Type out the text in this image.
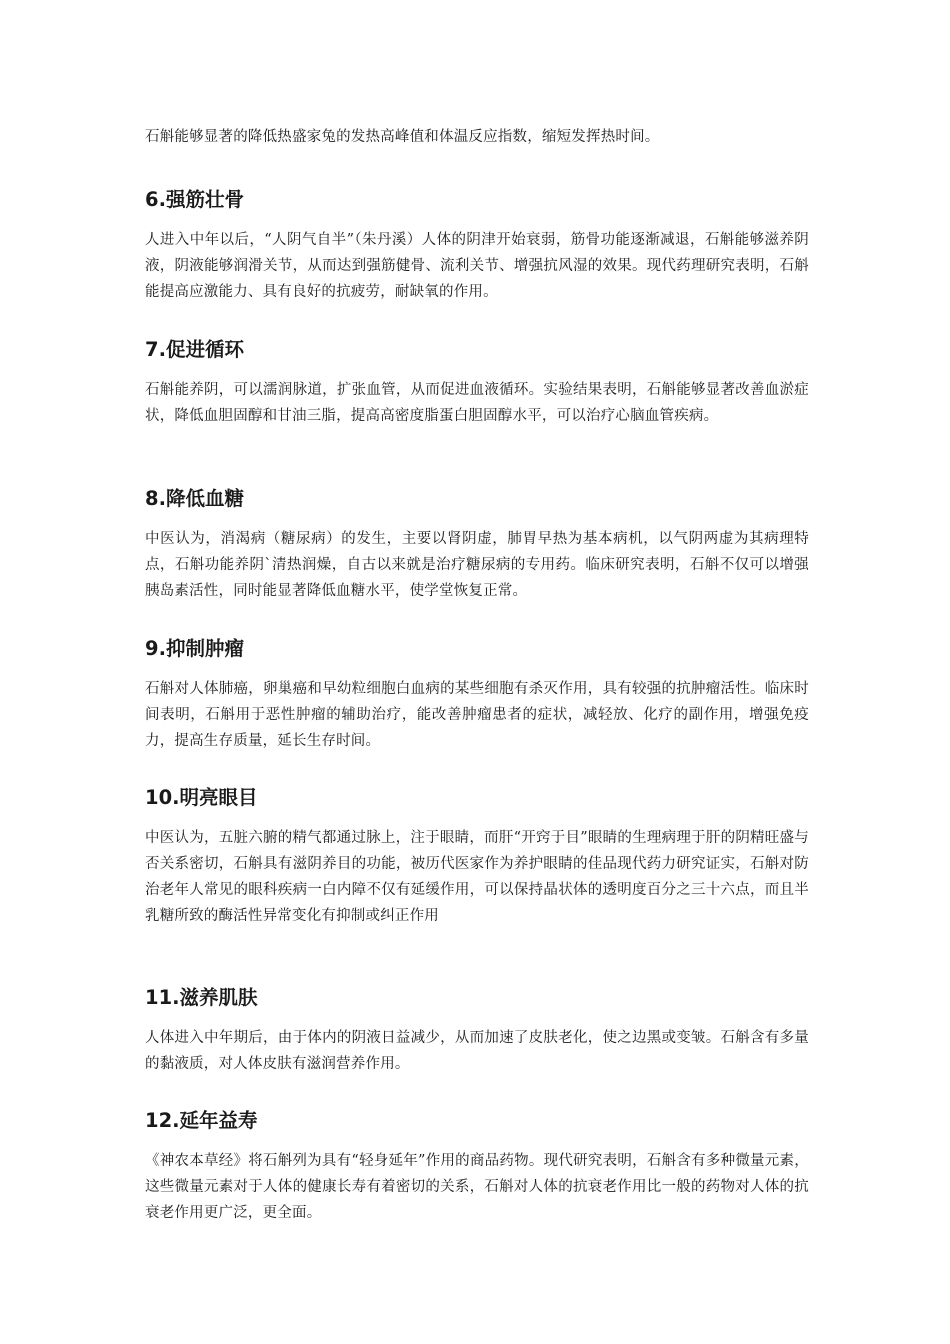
石斛能够显著的降低热盛家兔的发热高峰值和体温反应指数，缩短发挥热时间。

6.强筋壮骨

人进入中年以后，“人阴气自半”（朱丹溪）人体的阴津开始衰弱，筋骨功能逐渐减退，石斛能够滋养阴液，阴液能够润滑关节，从而达到强筋健骨、流利关节、增强抗风湿的效果。现代药理研究表明，石斛能提高应激能力、具有良好的抗疲劳，耐缺氧的作用。

7.促进循环

石斛能养阴，可以濡润脉道，扩张血管，从而促进血液循环。实验结果表明，石斛能够显著改善血淤症状，降低血胆固醇和甘油三脂，提高高密度脂蛋白胆固醇水平，可以治疗心脑血管疾病。

8.降低血糖

中医认为，消渴病（糖尿病）的发生，主要以肾阴虚，肺胃早热为基本病机，以气阴两虚为其病理特点，石斛功能养阴`清热润燥，自古以来就是治疗糖尿病的专用药。临床研究表明，石斛不仅可以增强胰岛素活性，同时能显著降低血糖水平，使学堂恢复正常。

9.抑制肿瘤

石斛对人体肺癌，卵巢癌和早幼粒细胞白血病的某些细胞有杀灭作用，具有较强的抗肿瘤活性。临床时间表明，石斛用于恶性肿瘤的辅助治疗，能改善肿瘤患者的症状，减轻放、化疗的副作用，增强免疫力，提高生存质量，延长生存时间。

10.明亮眼目

中医认为，五脏六腑的精气都通过脉上，注于眼睛，而肝“开窍于目”眼睛的生理病理于肝的阴精旺盛与否关系密切，石斛具有滋阴养目的功能，被历代医家作为养护眼睛的佳品现代药力研究证实，石斛对防治老年人常见的眼科疾病一白内障不仅有延缓作用，可以保持晶状体的透明度百分之三十六点，而且半乳糖所致的酶活性异常变化有抑制或纠正作用

11.滋养肌肤

人体进入中年期后，由于体内的阴液日益减少，从而加速了皮肤老化，使之边黑或变皱。石斛含有多量的黏液质，对人体皮肤有滋润营养作用。

12.延年益寿

《神农本草经》将石斛列为具有“轻身延年”作用的商品药物。现代研究表明，石斛含有多种微量元素，这些微量元素对于人体的健康长寿有着密切的关系，石斛对人体的抗衰老作用比一般的药物对人体的抗衰老作用更广泛，更全面。
